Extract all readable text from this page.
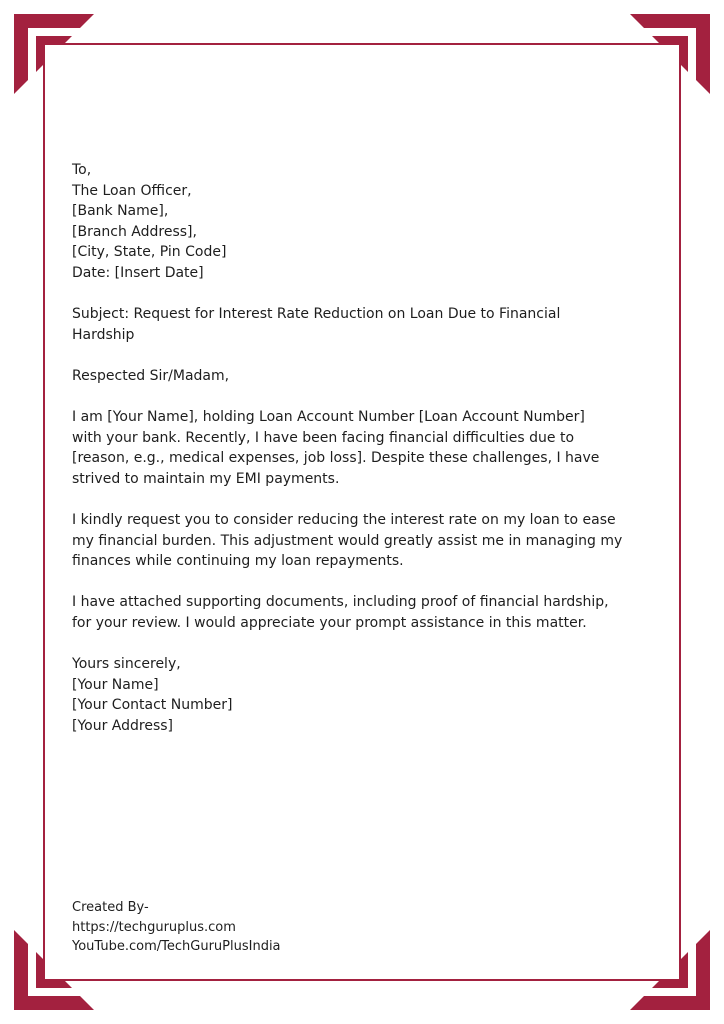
To,

The Loan Officer,

[Bank Name],

[Branch Address],

[City, State, Pin Code]

Date: [Insert Date]

Subject: Request for Interest Rate Reduction on Loan Due to Financial

Hardship

Respected Sir/Madam,

I am [Your Name], holding Loan Account Number [Loan Account Number]

with your bank. Recently, I have been facing financial difficulties due to

[reason, e.g., medical expenses, job loss]. Despite these challenges, I have

strived to maintain my EMI payments.

I kindly request you to consider reducing the interest rate on my loan to ease

my financial burden. This adjustment would greatly assist me in managing my

finances while continuing my loan repayments.

I have attached supporting documents, including proof of financial hardship,

for your review. I would appreciate your prompt assistance in this matter.

Yours sincerely,

[Your Name]

[Your Contact Number]

[Your Address]

Created By-

https://techguruplus.com

YouTube.com/TechGuruPlusIndia
